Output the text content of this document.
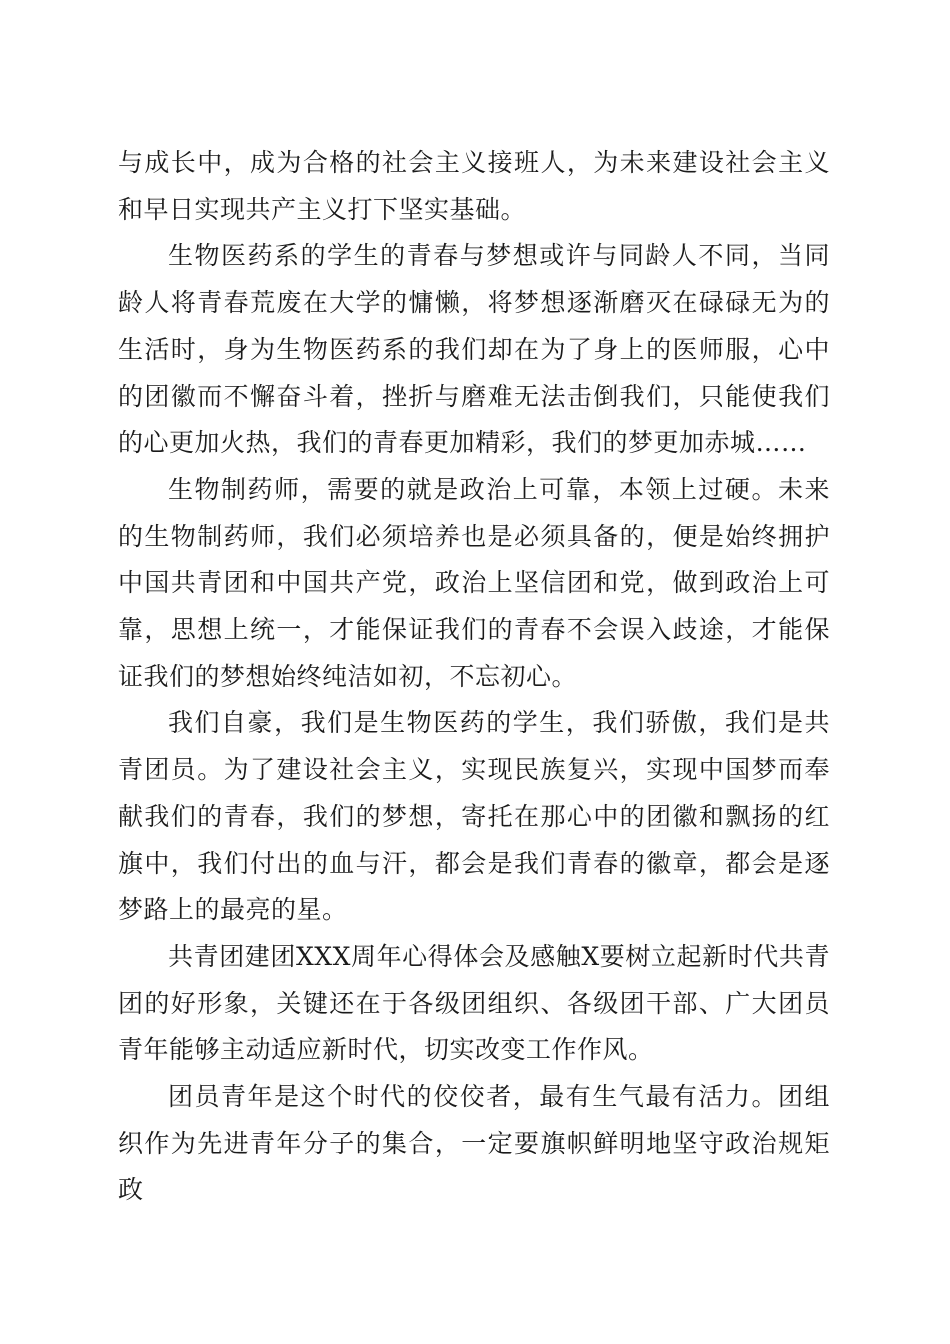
与成长中，成为合格的社会主义接班人，为未来建设社会主义和早日实现共产主义打下坚实基础。

生物医药系的学生的青春与梦想或许与同龄人不同，当同龄人将青春荒废在大学的慵懒，将梦想逐渐磨灭在碌碌无为的生活时，身为生物医药系的我们却在为了身上的医师服，心中的团徽而不懈奋斗着，挫折与磨难无法击倒我们，只能使我们的心更加火热，我们的青春更加精彩，我们的梦更加赤城……

生物制药师，需要的就是政治上可靠，本领上过硬。未来的生物制药师，我们必须培养也是必须具备的，便是始终拥护中国共青团和中国共产党，政治上坚信团和党，做到政治上可靠，思想上统一，才能保证我们的青春不会误入歧途，才能保证我们的梦想始终纯洁如初，不忘初心。

我们自豪，我们是生物医药的学生，我们骄傲，我们是共青团员。为了建设社会主义，实现民族复兴，实现中国梦而奉献我们的青春，我们的梦想，寄托在那心中的团徽和飘扬的红旗中，我们付出的血与汗，都会是我们青春的徽章，都会是逐梦路上的最亮的星。

共青团建团XXX周年心得体会及感触X要树立起新时代共青团的好形象，关键还在于各级团组织、各级团干部、广大团员青年能够主动适应新时代，切实改变工作作风。

团员青年是这个时代的佼佼者，最有生气最有活力。团组织作为先进青年分子的集合，一定要旗帜鲜明地坚守政治规矩政
